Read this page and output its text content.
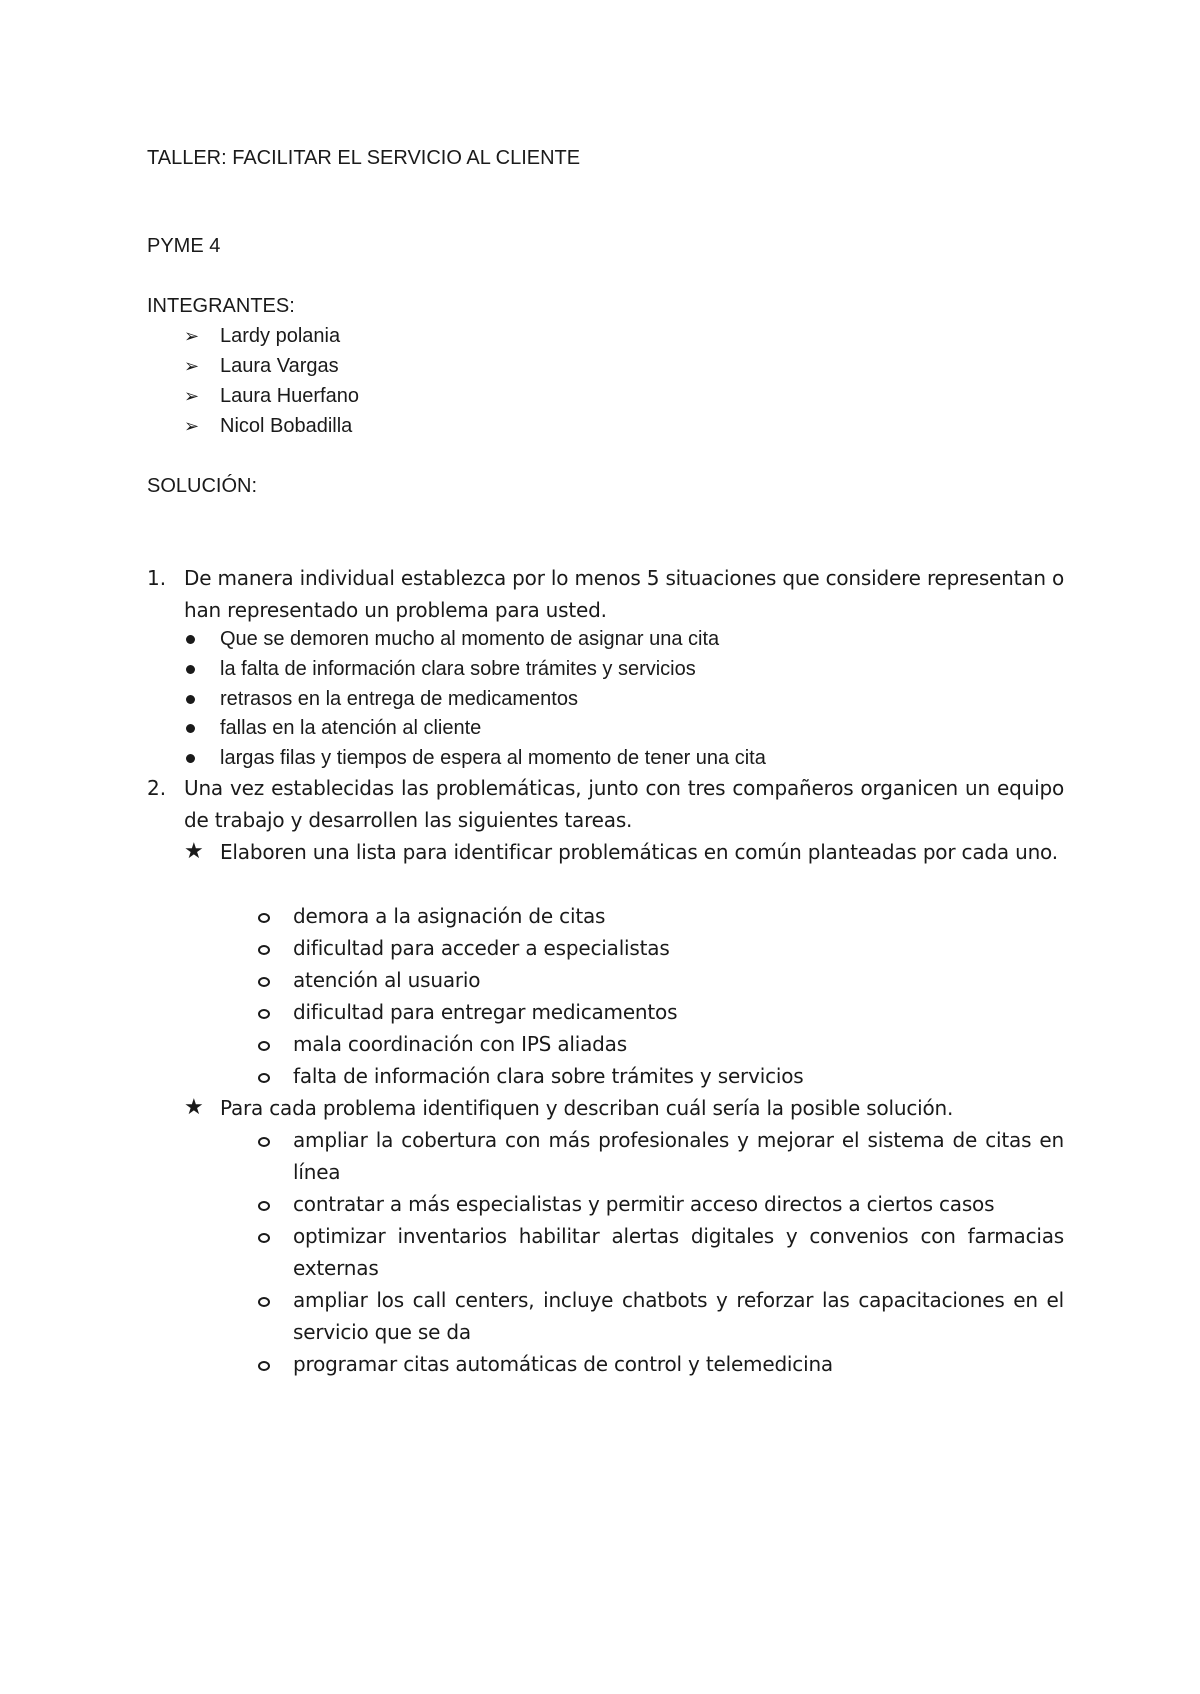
TALLER: FACILITAR EL SERVICIO AL CLIENTE
PYME 4
INTEGRANTES:
➢ Lardy polania
➢ Laura Vargas
➢ Laura Huerfano
➢ Nicol Bobadilla
SOLUCIÓN:
1. De manera individual establezca por lo menos 5 situaciones que considere representan o han representado un problema para usted.
Que se demoren mucho al momento de asignar una cita
la falta de información clara sobre trámites y servicios
retrasos en la entrega de medicamentos
fallas en la atención al cliente
largas filas y tiempos de espera al momento de tener una cita
2. Una vez establecidas las problemáticas, junto con tres compañeros organicen un equipo de trabajo y desarrollen las siguientes tareas.
★ Elaboren una lista para identificar problemáticas en común planteadas por cada uno.
demora a la asignación de citas
dificultad para acceder a especialistas
atención al usuario
dificultad para entregar medicamentos
mala coordinación con IPS aliadas
falta de información clara sobre trámites y servicios
★ Para cada problema identifiquen y describan cuál sería la posible solución.
ampliar la cobertura con más profesionales y mejorar el sistema de citas en línea
contratar a más especialistas y permitir acceso directos a ciertos casos
optimizar inventarios habilitar alertas digitales y convenios con farmacias externas
ampliar los call centers, incluye chatbots y reforzar las capacitaciones en el servicio que se da
programar citas automáticas de control y telemedicina
